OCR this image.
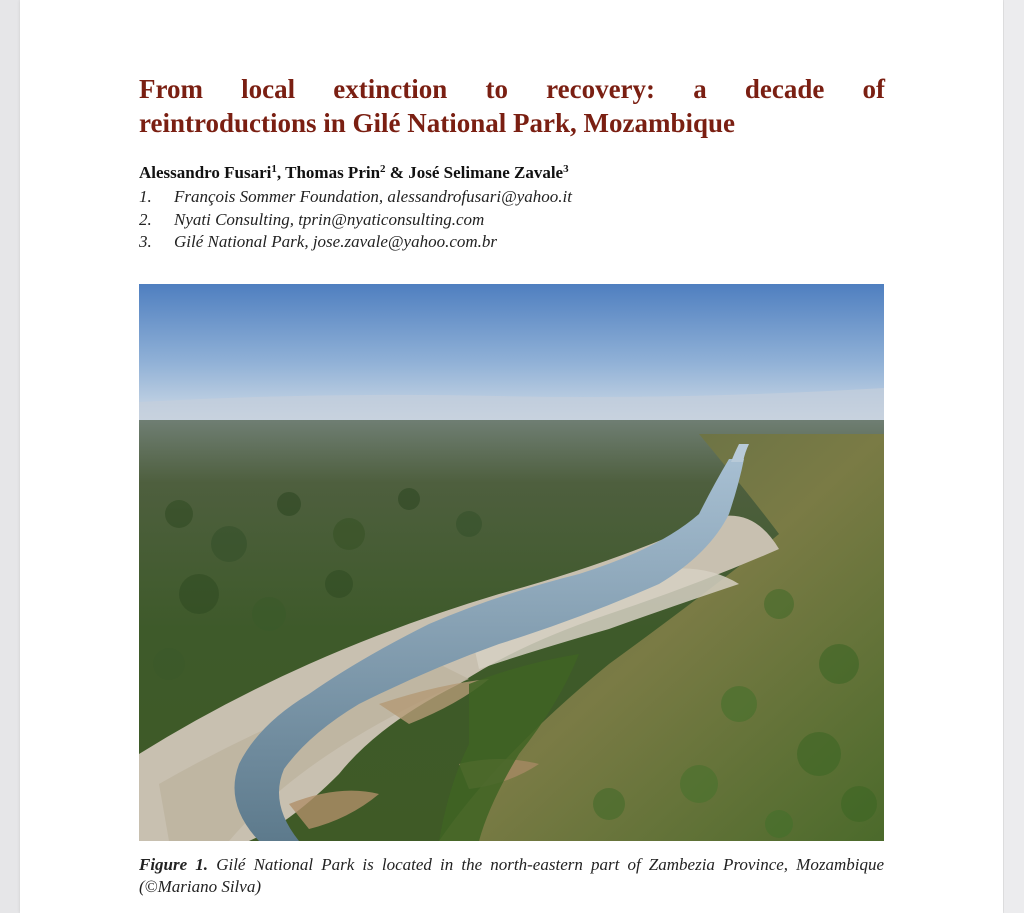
From local extinction to recovery: a decade of
reintroductions in Gilé National Park, Mozambique
Alessandro Fusari$^1$, Thomas Prin$^2$ & José Selimane Zavale$^3$
1. François Sommer Foundation, alessandrofusari@yahoo.it
2. Nyati Consulting, tprin@nyaticonsulting.com
3. Gilé National Park, jose.zavale@yahoo.com.br

Figure 1. Gilé National Park is located in the north-eastern part of Zambezia Province, Mozambique (©Mariano Silva)
